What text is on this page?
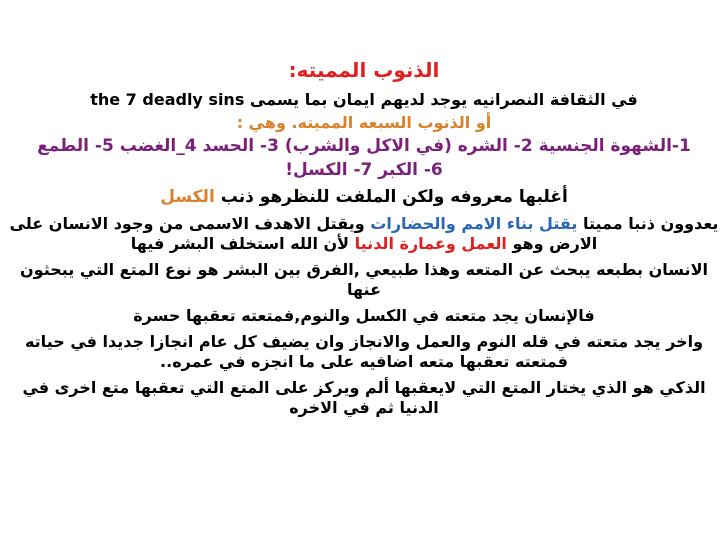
الذنوب المميته:
في الثقافة النصرانيه يوجد لديهم ايمان بما يسمى the 7 deadly sins
أو الذنوب السبعه المميته. وهي :
1-الشهوة الجنسية 2- الشره (في الاكل والشرب) 3- الحسد 4_الغضب 5- الطمع
6- الكبر 7- الكسل!
أغلبها معروفه ولكن الملفت للنظرهو ذنب الكسل
يعدوون ذنبا مميتا يقتل بناء الامم والحضارات ويقتل الاهدف الاسمى من وجود الانسان على الارض وهو العمل وعمارة الدنيا لأن الله استخلف البشر فيها
الانسان بطبعه يبحث عن المتعه وهذا طبيعي ,الفرق بين البشر هو نوع المتع التي يبحثون عنها
فالإنسان يجد متعته في الكسل والنوم,فمتعته تعقبها حسرة
واخر يجد متعته في قله النوم والعمل والانجاز وان يضيف كل عام انجازا جديدا في حياته فمتعته تعقبها متعه اضافيه على ما انجزه في عمره..
الذكي هو الذي يختار المتع التي لايعقبها ألم ويركز على المتع التي تعقبها متع اخرى في الدنيا ثم في الاخره
